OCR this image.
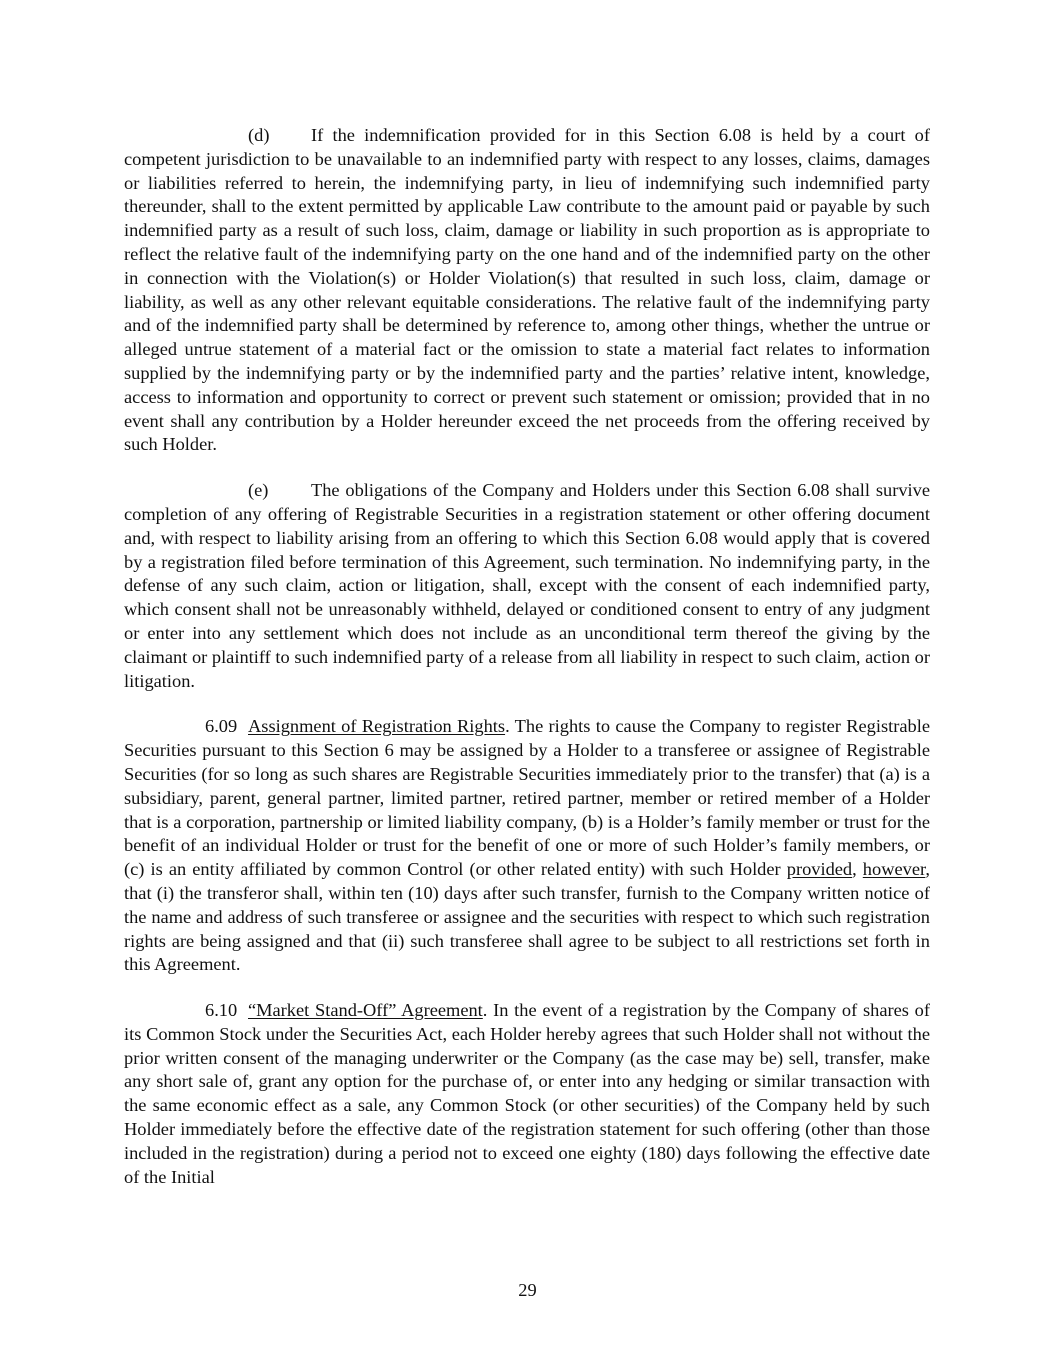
(d) If the indemnification provided for in this Section 6.08 is held by a court of competent jurisdiction to be unavailable to an indemnified party with respect to any losses, claims, damages or liabilities referred to herein, the indemnifying party, in lieu of indemnifying such indemnified party thereunder, shall to the extent permitted by applicable Law contribute to the amount paid or payable by such indemnified party as a result of such loss, claim, damage or liability in such proportion as is appropriate to reflect the relative fault of the indemnifying party on the one hand and of the indemnified party on the other in connection with the Violation(s) or Holder Violation(s) that resulted in such loss, claim, damage or liability, as well as any other relevant equitable considerations. The relative fault of the indemnifying party and of the indemnified party shall be determined by reference to, among other things, whether the untrue or alleged untrue statement of a material fact or the omission to state a material fact relates to information supplied by the indemnifying party or by the indemnified party and the parties’ relative intent, knowledge, access to information and opportunity to correct or prevent such statement or omission; provided that in no event shall any contribution by a Holder hereunder exceed the net proceeds from the offering received by such Holder.

(e) The obligations of the Company and Holders under this Section 6.08 shall survive completion of any offering of Registrable Securities in a registration statement or other offering document and, with respect to liability arising from an offering to which this Section 6.08 would apply that is covered by a registration filed before termination of this Agreement, such termination. No indemnifying party, in the defense of any such claim, action or litigation, shall, except with the consent of each indemnified party, which consent shall not be unreasonably withheld, delayed or conditioned consent to entry of any judgment or enter into any settlement which does not include as an unconditional term thereof the giving by the claimant or plaintiff to such indemnified party of a release from all liability in respect to such claim, action or litigation.

6.09 Assignment of Registration Rights. The rights to cause the Company to register Registrable Securities pursuant to this Section 6 may be assigned by a Holder to a transferee or assignee of Registrable Securities (for so long as such shares are Registrable Securities immediately prior to the transfer) that (a) is a subsidiary, parent, general partner, limited partner, retired partner, member or retired member of a Holder that is a corporation, partnership or limited liability company, (b) is a Holder’s family member or trust for the benefit of an individual Holder or trust for the benefit of one or more of such Holder’s family members, or (c) is an entity affiliated by common Control (or other related entity) with such Holder provided, however, that (i) the transferor shall, within ten (10) days after such transfer, furnish to the Company written notice of the name and address of such transferee or assignee and the securities with respect to which such registration rights are being assigned and that (ii) such transferee shall agree to be subject to all restrictions set forth in this Agreement.

6.10 “Market Stand-Off” Agreement. In the event of a registration by the Company of shares of its Common Stock under the Securities Act, each Holder hereby agrees that such Holder shall not without the prior written consent of the managing underwriter or the Company (as the case may be) sell, transfer, make any short sale of, grant any option for the purchase of, or enter into any hedging or similar transaction with the same economic effect as a sale, any Common Stock (or other securities) of the Company held by such Holder immediately before the effective date of the registration statement for such offering (other than those included in the registration) during a period not to exceed one eighty (180) days following the effective date of the Initial

29
